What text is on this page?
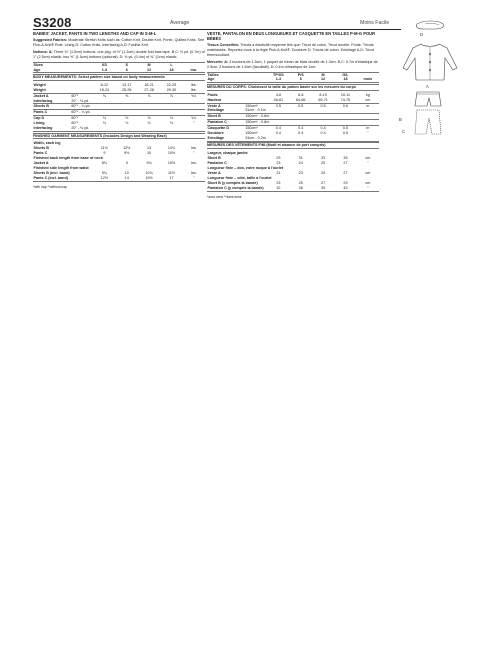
S3208	Average	Moins Facile
BABIES' JACKET, PANTS IN TWO LENGTHS AND CAP IN S-M-L
Suggested Fabrics: Moderate Stretch Knits such as: Cotton Knit, Double Knit, Ponte, Quilted Knits. See Pick-A-Knit® Rule. Lining D: Cotton Knits. Interfacing A,D: Fusible Knit.
Notions: A: Three ⅝" (1.5cm) buttons, one pkg. of ½" (1.3cm) double fold bias tape. B,C: ⅝ yd. (0.7m) of 1" (2.5cm) elastic, two ⅝" (1.5cm) buttons (optional). D: ⅜ yd. (0.4m) of ¾" (1cm) elastic.
Sizes	XS	S	M	L	
Age	1-3	6	12	18	mo.
BODY MEASUREMENTS: Select pattern size based on body measurements
Weight		8-12	13-17	18-21	22-25	lbs.
Weight		18-24	25-26	27-28	29-30	lbs.
Jacket A	60"*	⅜	⅜	⅞	⅞	Yd.
Interfacing	20" - ⅛ yd.					
Shorts B	60"* - ¼ yd.					
Pants C	60"* - ¼ yd.					
Cap D	60"*	⅛	⅛	⅛	⅛	Yd.
Lining	60"*	⅛	⅛	⅛	⅛	"
Interfacing	20" - ⅛ yd.					
FINISHED GARMENT MEASUREMENTS (Includes Design and Wearing Ease)
Width, each leg					
Shorts B	11½	12½	13	13¾	Ins.
Pants C	9	9½	10	10½	"
Finished back length from base of neck					
Jacket A	8¾	9	9¾	10½	Ins.
Finished side length from waist					
Shorts B (incl. band)	9¼	10	10¾	11½	Ins.
Pants C (incl. band)	12½	14	15½	17	"
*with nap **without nap
VESTE, PANTALON EN DEUX LONGUEURS ET CASQUETTE EN TAILLES P-M-G POUR BÉBÉS
Tissus Conseillés: Tricots à élasticité moyenne tels que: Tricot de coton, Tricot double, Ponte, Tricots matelassés. Reportez-vous à la règle Pick-A-Knit®. Doublure D: Tricots de coton. Entoilage A,D: Tricot thermocollant.
Mercerie: A: 3 boutons de 1.5cm, 1 paquet de ruban de biais double de 1.3cm. B,C: 0.7m d'élastique de 2.5cm, 2 boutons de 1.5cm (facultatif). D: 0.4m d'élastique de 1cm.
Tailles	TP/XS	P/S	M	G/L	
Age	1-3	6	12	18	mois
MESURES DU CORPS: Choisissez la taille du patron basée sur les mesures du corps
Poids		4-6	6-8	8-10	10-11	kg
Hauteur		46-61	64-66	69-71	74-76	cm
Veste A	150cm*	0.5	0.5	0.5	0.6	m
Entoilage	51cm - 0.1m					
Short B	150cm* - 0.8m					
Pantalon C	150cm* - 0.8m					
Casquette D	150cm*	0.4	0.4	0.4	0.5	m
Doublure	150cm*	0.4	0.4	0.4	0.5	"
Entoilage	51cm - 0.2m					
MESURES DES VÊTEMENTS FINI (Motif et aisance de port compris)
Largeur, chaque jambe					
Short B	29	31	33	35	cm
Pantalon C	23	24	25	27	"
Longueur finie – dos, votre nuque à l'ourlet					
Veste A	21	23	25	27	cm
Longueur finie – côté, taille à l'ourlet					
Short B (y compris la bande)	23	25	27	29	cm
Pantalon C (y compris la bande)	32	36	39	43	"
*avec sens **sans sens
D
A
B
C
